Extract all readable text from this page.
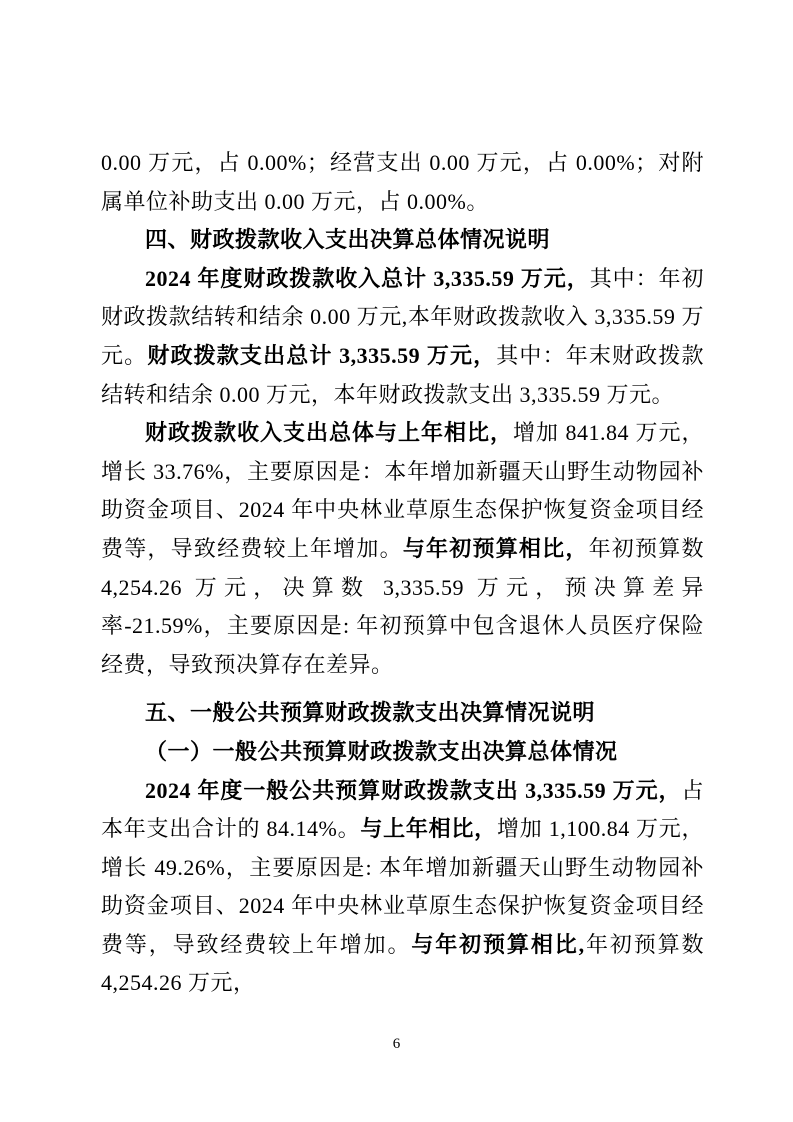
0.00 万元，占 0.00%；经营支出 0.00 万元，占 0.00%；对附属单位补助支出 0.00 万元，占 0.00%。

四、财政拨款收入支出决算总体情况说明

2024 年度财政拨款收入总计 3,335.59 万元，其中：年初财政拨款结转和结余 0.00 万元,本年财政拨款收入 3,335.59 万元。财政拨款支出总计 3,335.59 万元，其中：年末财政拨款结转和结余 0.00 万元，本年财政拨款支出 3,335.59 万元。

财政拨款收入支出总体与上年相比，增加 841.84 万元，增长 33.76%，主要原因是：本年增加新疆天山野生动物园补助资金项目、2024 年中央林业草原生态保护恢复资金项目经费等，导致经费较上年增加。与年初预算相比，年初预算数 4,254.26 万元，决算数 3,335.59 万元，预决算差异率-21.59%，主要原因是: 年初预算中包含退休人员医疗保险经费，导致预决算存在差异。

五、一般公共预算财政拨款支出决算情况说明

（一）一般公共预算财政拨款支出决算总体情况

2024 年度一般公共预算财政拨款支出 3,335.59 万元，占本年支出合计的 84.14%。与上年相比，增加 1,100.84 万元，增长 49.26%，主要原因是: 本年增加新疆天山野生动物园补助资金项目、2024 年中央林业草原生态保护恢复资金项目经费等，导致经费较上年增加。与年初预算相比,年初预算数 4,254.26 万元，

6
